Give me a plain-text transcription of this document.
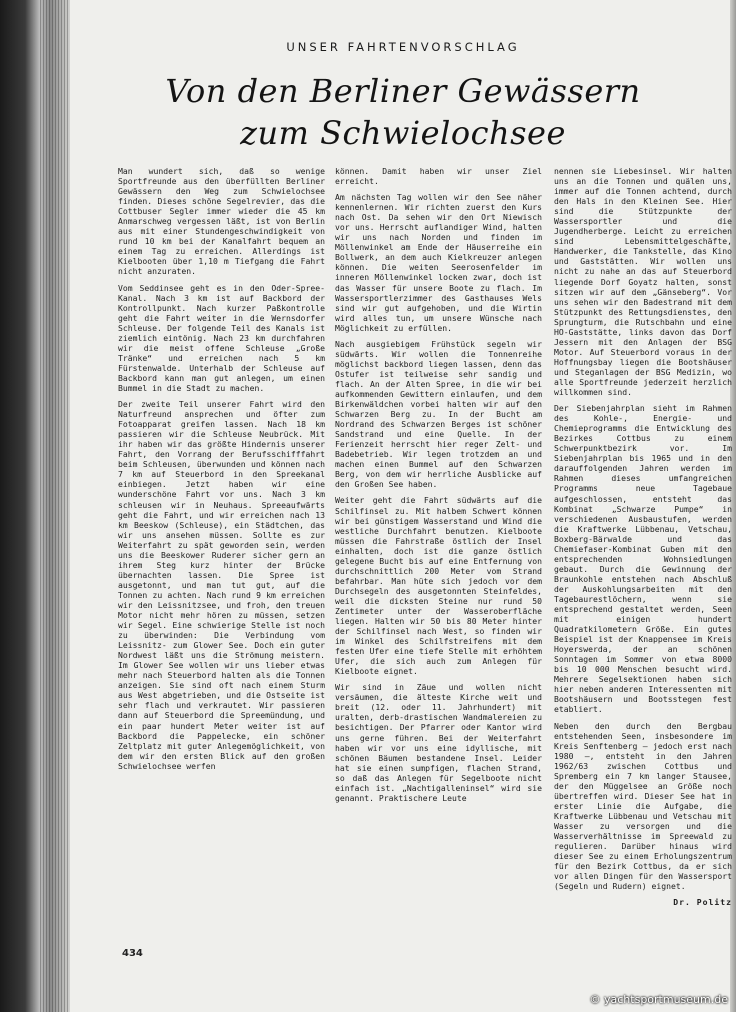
UNSER FAHRTENVORSCHLAG
Von den Berliner Gewässern
zum Schwielochsee

Man wundert sich, daß so wenige Sportfreunde aus den überfüllten Berliner Gewässern den Weg zum Schwielochsee finden. Dieses schöne Segelrevier, das die Cottbuser Segler immer wieder die 45 km Anmarschweg vergessen läßt, ist von Berlin aus mit einer Stundengeschwindigkeit von rund 10 km bei der Kanalfahrt bequem an einem Tag zu erreichen. Allerdings ist Kielbooten über 1,10 m Tiefgang die Fahrt nicht anzuraten.

Vom Seddinsee geht es in den Oder-Spree-Kanal. Nach 3 km ist auf Backbord der Kontrollpunkt. Nach kurzer Paßkontrolle geht die Fahrt weiter in die Wernsdorfer Schleuse. Der folgende Teil des Kanals ist ziemlich eintönig. Nach 23 km durchfahren wir die meist offene Schleuse „Große Tränke“ und erreichen nach 5 km Fürstenwalde. Unterhalb der Schleuse auf Backbord kann man gut anlegen, um einen Bummel in die Stadt zu machen.

Der zweite Teil unserer Fahrt wird den Naturfreund ansprechen und öfter zum Fotoapparat greifen lassen. Nach 18 km passieren wir die Schleuse Neubrück. Mit ihr haben wir das größte Hindernis unserer Fahrt, den Vorrang der Berufsschifffahrt beim Schleusen, überwunden und können nach 7 km auf Steuerbord in den Spreekanal einbiegen. Jetzt haben wir eine wunderschöne Fahrt vor uns. Nach 3 km schleusen wir in Neuhaus. Spreeaufwärts geht die Fahrt, und wir erreichen nach 13 km Beeskow (Schleuse), ein Städtchen, das wir uns ansehen müssen. Sollte es zur Weiterfahrt zu spät geworden sein, werden uns die Beeskower Ruderer sicher gern an ihrem Steg kurz hinter der Brücke übernachten lassen. Die Spree ist ausgetonnt, und man tut gut, auf die Tonnen zu achten. Nach rund 9 km erreichen wir den Leissnitzsee, und froh, den treuen Motor nicht mehr hören zu müssen, setzen wir Segel. Eine schwierige Stelle ist noch zu überwinden: Die Verbindung vom Leissnitz- zum Glower See. Doch ein guter Nordwest läßt uns die Strömung meistern. Im Glower See wollen wir uns lieber etwas mehr nach Steuerbord halten als die Tonnen anzeigen. Sie sind oft nach einem Sturm aus West abgetrieben, und die Ostseite ist sehr flach und verkrautet. Wir passieren dann auf Steuerbord die Spreemündung, und ein paar hundert Meter weiter ist auf Backbord die Pappelecke, ein schöner Zeltplatz mit guter Anlegemöglichkeit, von dem wir den ersten Blick auf den großen Schwielochsee werfen

können. Damit haben wir unser Ziel erreicht.

Am nächsten Tag wollen wir den See näher kennenlernen. Wir richten zuerst den Kurs nach Ost. Da sehen wir den Ort Niewisch vor uns. Herrscht auflandiger Wind, halten wir uns nach Norden und finden im Möllenwinkel am Ende der Häuserreihe ein Bollwerk, an dem auch Kielkreuzer anlegen können. Die weiten Seerosenfelder im inneren Möllenwinkel locken zwar, doch ist das Wasser für unsere Boote zu flach. Im Wassersportlerzimmer des Gasthauses Wels sind wir gut aufgehoben, und die Wirtin wird alles tun, um unsere Wünsche nach Möglichkeit zu erfüllen.

Nach ausgiebigem Frühstück segeln wir südwärts. Wir wollen die Tonnenreihe möglichst backbord liegen lassen, denn das Ostufer ist teilweise sehr sandig und flach. An der Alten Spree, in die wir bei aufkommenden Gewittern einlaufen, und dem Birkenwäldchen vorbei halten wir auf den Schwarzen Berg zu. In der Bucht am Nordrand des Schwarzen Berges ist schöner Sandstrand und eine Quelle. In der Ferienzeit herrscht hier reger Zelt- und Badebetrieb. Wir legen trotzdem an und machen einen Bummel auf den Schwarzen Berg, von dem wir herrliche Ausblicke auf den Großen See haben.

Weiter geht die Fahrt südwärts auf die Schilfinsel zu. Mit halbem Schwert können wir bei günstigem Wasserstand und Wind die westliche Durchfahrt benutzen. Kielboote müssen die Fahrstraße östlich der Insel einhalten, doch ist die ganze östlich gelegene Bucht bis auf eine Entfernung von durchschnittlich 200 Meter vom Strand befahrbar. Man hüte sich jedoch vor dem Durchsegeln des ausgetonnten Steinfeldes, weil die dicksten Steine nur rund 50 Zentimeter unter der Wasseroberfläche liegen. Halten wir 50 bis 80 Meter hinter der Schilfinsel nach West, so finden wir im Winkel des Schilfstreifens mit dem festen Ufer eine tiefe Stelle mit erhöhtem Ufer, die sich auch zum Anlegen für Kielboote eignet.

Wir sind in Zäue und wollen nicht versäumen, die älteste Kirche weit und breit (12. oder 11. Jahrhundert) mit uralten, derb-drastischen Wandmalereien zu besichtigen. Der Pfarrer oder Kantor wird uns gerne führen. Bei der Weiterfahrt haben wir vor uns eine idyllische, mit schönen Bäumen bestandene Insel. Leider hat sie einen sumpfigen, flachen Strand, so daß das Anlegen für Segelboote nicht einfach ist. „Nachtigalleninsel“ wird sie genannt. Praktischere Leute

nennen sie Liebesinsel. Wir halten uns an die Tonnen und quälen uns, immer auf die Tonnen achtend, durch den Hals in den Kleinen See. Hier sind die Stützpunkte der Wassersportler und die Jugendherberge. Leicht zu erreichen sind Lebensmittelgeschäfte, Handwerker, die Tankstelle, das Kino und Gaststätten. Wir wollen uns nicht zu nahe an das auf Steuerbord liegende Dorf Goyatz halten, sonst sitzen wir auf dem „Gänseberg“. Vor uns sehen wir den Badestrand mit dem Stützpunkt des Rettungsdienstes, den Sprungturm, die Rutschbahn und eine HO-Gaststätte, links davon das Dorf Jessern mit den Anlagen der BSG Motor. Auf Steuerbord voraus in der Hoffnungsbay liegen die Bootshäuser und Steganlagen der BSG Medizin, wo alle Sportfreunde jederzeit herzlich willkommen sind.

Der Siebenjahrplan sieht im Rahmen des Kohle-, Energie- und Chemieprogramms die Entwicklung des Bezirkes Cottbus zu einem Schwerpunktbezirk vor. Im Siebenjahrplan bis 1965 und in den darauffolgenden Jahren werden im Rahmen dieses umfangreichen Programms neue Tagebaue aufgeschlossen, entsteht das Kombinat „Schwarze Pumpe“ in verschiedenen Ausbaustufen, werden die Kraftwerke Lübbenau, Vetschau, Boxberg-Bärwalde und das Chemiefaser-Kombinat Guben mit den entsprechenden Wohnsiedlungen gebaut. Durch die Gewinnung der Braunkohle entstehen nach Abschluß der Auskohlungsarbeiten mit den Tagebaurestlöchern, wenn sie entsprechend gestaltet werden, Seen mit einigen hundert Quadratkilometern Größe. Ein gutes Beispiel ist der Knappensee im Kreis Hoyerswerda, der an schönen Sonntagen im Sommer von etwa 8000 bis 10 000 Menschen besucht wird. Mehrere Segelsektionen haben sich hier neben anderen Interessenten mit Bootshäusern und Bootsstegen fest etabliert.

Neben den durch den Bergbau entstehenden Seen, insbesondere im Kreis Senftenberg — jedoch erst nach 1980 —, entsteht in den Jahren 1962/63 zwischen Cottbus und Spremberg ein 7 km langer Stausee, der den Müggelsee an Größe noch übertreffen wird. Dieser See hat in erster Linie die Aufgabe, die Kraftwerke Lübbenau und Vetschau mit Wasser zu versorgen und die Wasserverhältnisse im Spreewald zu regulieren. Darüber hinaus wird dieser See zu einem Erholungszentrum für den Bezirk Cottbus, da er sich vor allen Dingen für den Wassersport (Segeln und Rudern) eignet.

Dr. Politz
434
© yachtsportmuseum.de
